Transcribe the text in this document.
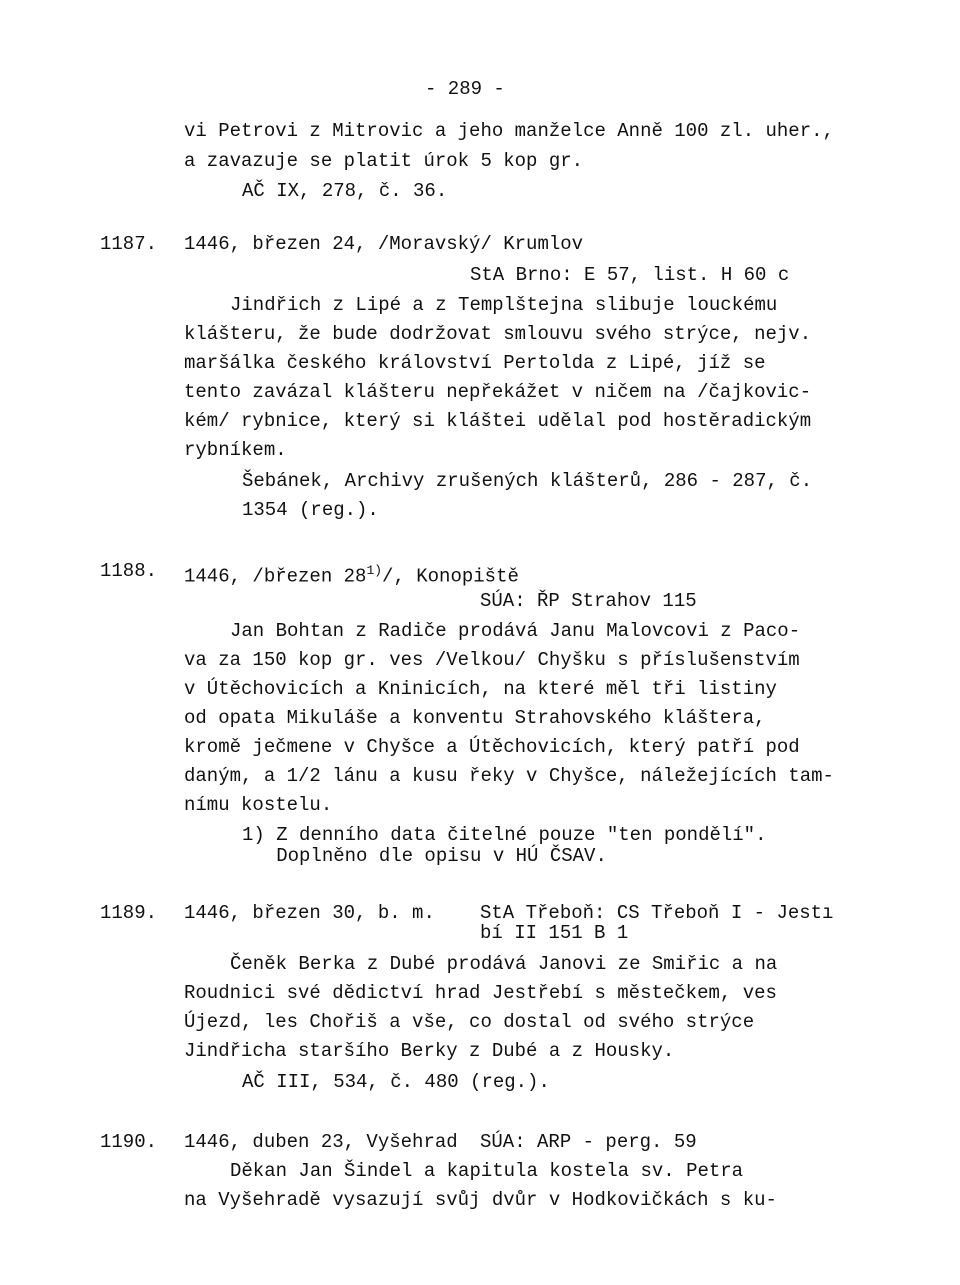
- 289 -
vi Petrovi z Mitrovic a jeho manželce Anně 100 zl. uher.,
a zavazuje se platit úrok 5 kop gr.
AČ IX, 278, č. 36.
1187. 1446, březen 24, /Moravský/ Krumlov
StA Brno: E 57, list. H 60 c
Jindřich z Lipé a z Templštejna slibuje louckému
klášteru, že bude dodržovat smlouvu svého strýce, nejv.
maršálka českého království Pertolda z Lipé, jíž se
tento zavázal klášteru nepřekážet v ničem na /čajkovic-
kém/ rybnice, který si kláštei udělal pod hostěradickým
rybníkem.
Šebánek, Archivy zrušených klášterů, 286 - 287, č.
1354 (reg.).
1188. 1446, /březen 28$^{1)}$/, Konopiště
SÚA: ŘP Strahov 115
Jan Bohtan z Radiče prodává Janu Malovcovi z Paco-
va za 150 kop gr. ves /Velkou/ Chyšku s příslušenstvím
v Útěchovicích a Kninicích, na které měl tři listiny
od opata Mikuláše a konventu Strahovského kláštera,
kromě ječmene v Chyšce a Útěchovicích, který patří pod
daným, a 1/2 lánu a kusu řeky v Chyšce, náležejících tam-
nímu kostelu.
1) Z denního data čitelné pouze "ten pondělí".
Doplněno dle opisu v HÚ ČSAV.
1189. 1446, březen 30, b. m. StA Třeboň: CS Třeboň I - Jestı
bí II 151 B 1
Čeněk Berka z Dubé prodává Janovi ze Smiřic a na
Roudnici své dědictví hrad Jestřebí s městečkem, ves
Újezd, les Chořiš a vše, co dostal od svého strýce
Jindřicha staršího Berky z Dubé a z Housky.
AČ III, 534, č. 480 (reg.).
1190. 1446, duben 23, Vyšehrad SÚA: ARP - perg. 59
Děkan Jan Šindel a kapitula kostela sv. Petra
na Vyšehradě vysazují svůj dvůr v Hodkovičkách s ku-
